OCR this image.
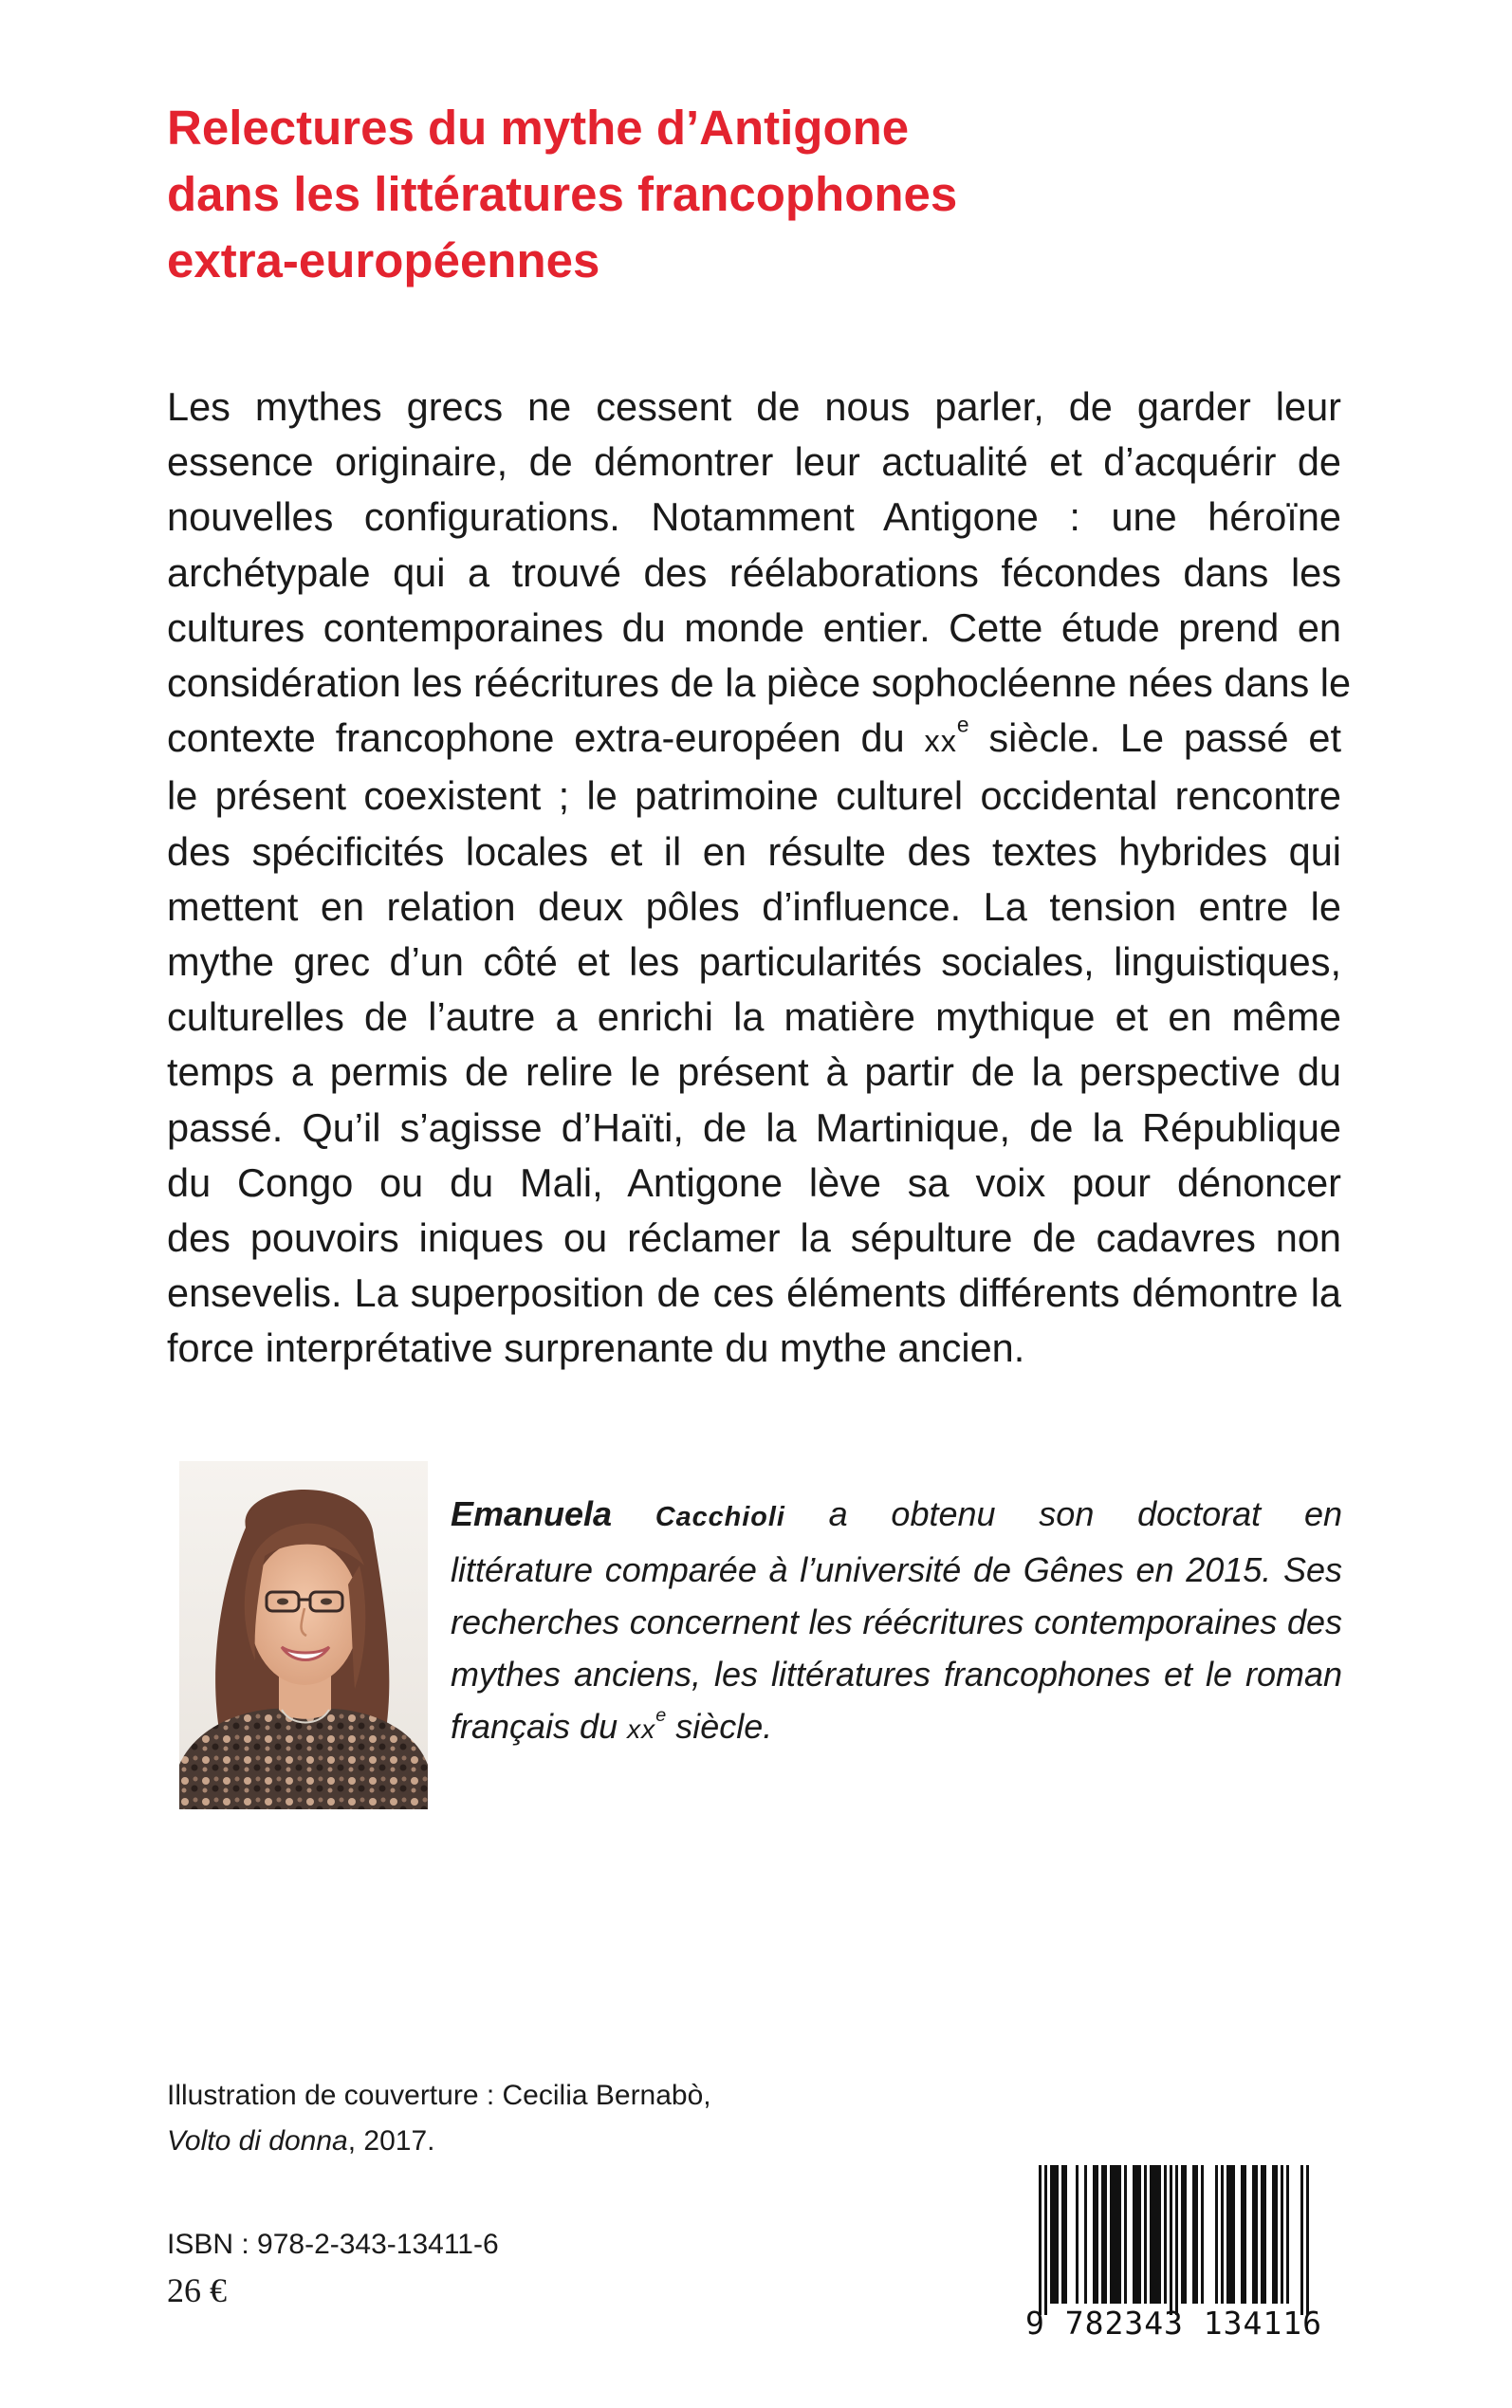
Relectures du mythe d’Antigone
dans les littératures francophones
extra-européennes
Les mythes grecs ne cessent de nous parler, de garder leur
essence originaire, de démontrer leur actualité et d’acquérir de
nouvelles configurations. Notamment Antigone : une héroïne
archétypale qui a trouvé des réélaborations fécondes dans les
cultures contemporaines du monde entier. Cette étude prend en
considération les réécritures de la pièce sophocléenne nées dans le
contexte francophone extra-européen du $xx^e$ siècle. Le passé et
le présent coexistent ; le patrimoine culturel occidental rencontre
des spécificités locales et il en résulte des textes hybrides qui
mettent en relation deux pôles d’influence. La tension entre le
mythe grec d’un côté et les particularités sociales, linguistiques,
culturelles de l’autre a enrichi la matière mythique et en même
temps a permis de relire le présent à partir de la perspective du
passé. Qu’il s’agisse d’Haïti, de la Martinique, de la République
du Congo ou du Mali, Antigone lève sa voix pour dénoncer
des pouvoirs iniques ou réclamer la sépulture de cadavres non
ensevelis. La superposition de ces éléments différents démontre la
force interprétative surprenante du mythe ancien.
Emanuela Cacchioli a obtenu son doctorat en
littérature comparée à l’université de Gênes en 2015. Ses
recherches concernent les réécritures contemporaines des
mythes anciens, les littératures francophones et le roman
français du $xx^e$ siècle.
Illustration de couverture : Cecilia Bernabò,
Volto di donna, 2017.
ISBN : 978-2-343-13411-6
26 €
9 782343 134116
